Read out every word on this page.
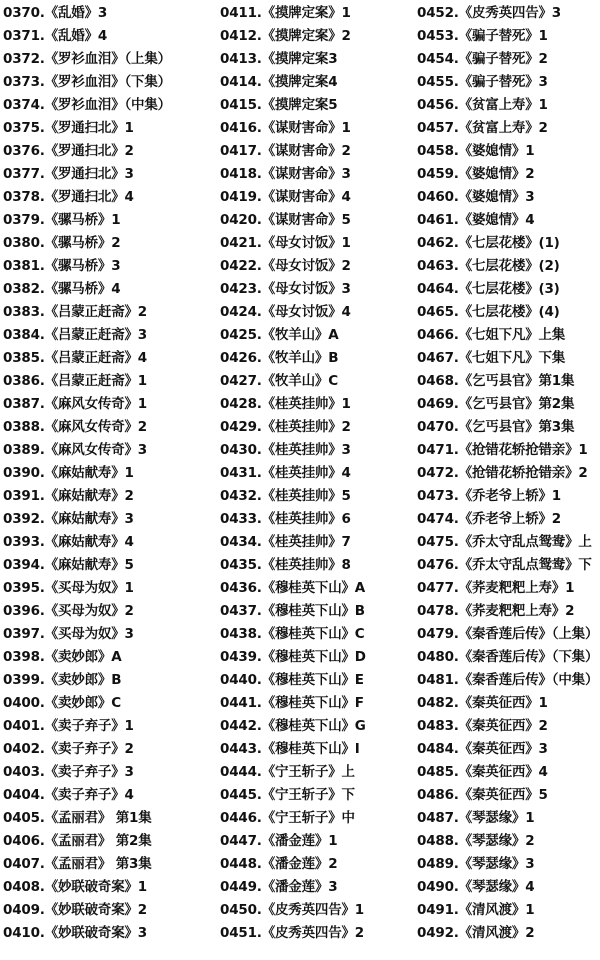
0370.《乱婚》3
0371.《乱婚》4
0372.《罗衫血泪》（上集）
0373.《罗衫血泪》（下集）
0374.《罗衫血泪》（中集）
0375.《罗通扫北》1
0376.《罗通扫北》2
0377.《罗通扫北》3
0378.《罗通扫北》4
0379.《骡马桥》1
0380.《骡马桥》2
0381.《骡马桥》3
0382.《骡马桥》4
0383.《吕蒙正赶斋》2
0384.《吕蒙正赶斋》3
0385.《吕蒙正赶斋》4
0386.《吕蒙正赶斋》1
0387.《麻风女传奇》1
0388.《麻风女传奇》2
0389.《麻风女传奇》3
0390.《麻姑献寿》1
0391.《麻姑献寿》2
0392.《麻姑献寿》3
0393.《麻姑献寿》4
0394.《麻姑献寿》5
0395.《买母为奴》1
0396.《买母为奴》2
0397.《买母为奴》3
0398.《卖妙郎》A
0399.《卖妙郎》B
0400.《卖妙郎》C
0401.《卖子弃子》1
0402.《卖子弃子》2
0403.《卖子弃子》3
0404.《卖子弃子》4
0405.《孟丽君》 第1集
0406.《孟丽君》 第2集
0407.《孟丽君》 第3集
0408.《妙联破奇案》1
0409.《妙联破奇案》2
0410.《妙联破奇案》3
0411.《摸牌定案》1
0412.《摸牌定案》2
0413.《摸牌定案3
0414.《摸牌定案4
0415.《摸牌定案5
0416.《谋财害命》1
0417.《谋财害命》2
0418.《谋财害命》3
0419.《谋财害命》4
0420.《谋财害命》5
0421.《母女讨饭》1
0422.《母女讨饭》2
0423.《母女讨饭》3
0424.《母女讨饭》4
0425.《牧羊山》A
0426.《牧羊山》B
0427.《牧羊山》C
0428.《桂英挂帅》1
0429.《桂英挂帅》2
0430.《桂英挂帅》3
0431.《桂英挂帅》4
0432.《桂英挂帅》5
0433.《桂英挂帅》6
0434.《桂英挂帅》7
0435.《桂英挂帅》8
0436.《穆桂英下山》A
0437.《穆桂英下山》B
0438.《穆桂英下山》C
0439.《穆桂英下山》D
0440.《穆桂英下山》E
0441.《穆桂英下山》F
0442.《穆桂英下山》G
0443.《穆桂英下山》I
0444.《宁王斩子》上
0445.《宁王斩子》下
0446.《宁王斩子》中
0447.《潘金莲》1
0448.《潘金莲》2
0449.《潘金莲》3
0450.《皮秀英四告》1
0451.《皮秀英四告》2
0452.《皮秀英四告》3
0453.《骗子替死》1
0454.《骗子替死》2
0455.《骗子替死》3
0456.《贫富上寿》1
0457.《贫富上寿》2
0458.《婆媳情》1
0459.《婆媳情》2
0460.《婆媳情》3
0461.《婆媳情》4
0462.《七层花楼》(1)
0463.《七层花楼》(2)
0464.《七层花楼》(3)
0465.《七层花楼》(4)
0466.《七姐下凡》上集
0467.《七姐下凡》下集
0468.《乞丐县官》第1集
0469.《乞丐县官》第2集
0470.《乞丐县官》第3集
0471.《抢错花轿抢错亲》1
0472.《抢错花轿抢错亲》2
0473.《乔老爷上轿》1
0474.《乔老爷上轿》2
0475.《乔太守乱点鸳鸯》上
0476.《乔太守乱点鸳鸯》下
0477.《荞麦粑粑上寿》1
0478.《荞麦粑粑上寿》2
0479.《秦香莲后传》（上集）
0480.《秦香莲后传》（下集）
0481.《秦香莲后传》（中集）
0482.《秦英征西》1
0483.《秦英征西》2
0484.《秦英征西》3
0485.《秦英征西》4
0486.《秦英征西》5
0487.《琴瑟缘》1
0488.《琴瑟缘》2
0489.《琴瑟缘》3
0490.《琴瑟缘》4
0491.《清风渡》1
0492.《清风渡》2
